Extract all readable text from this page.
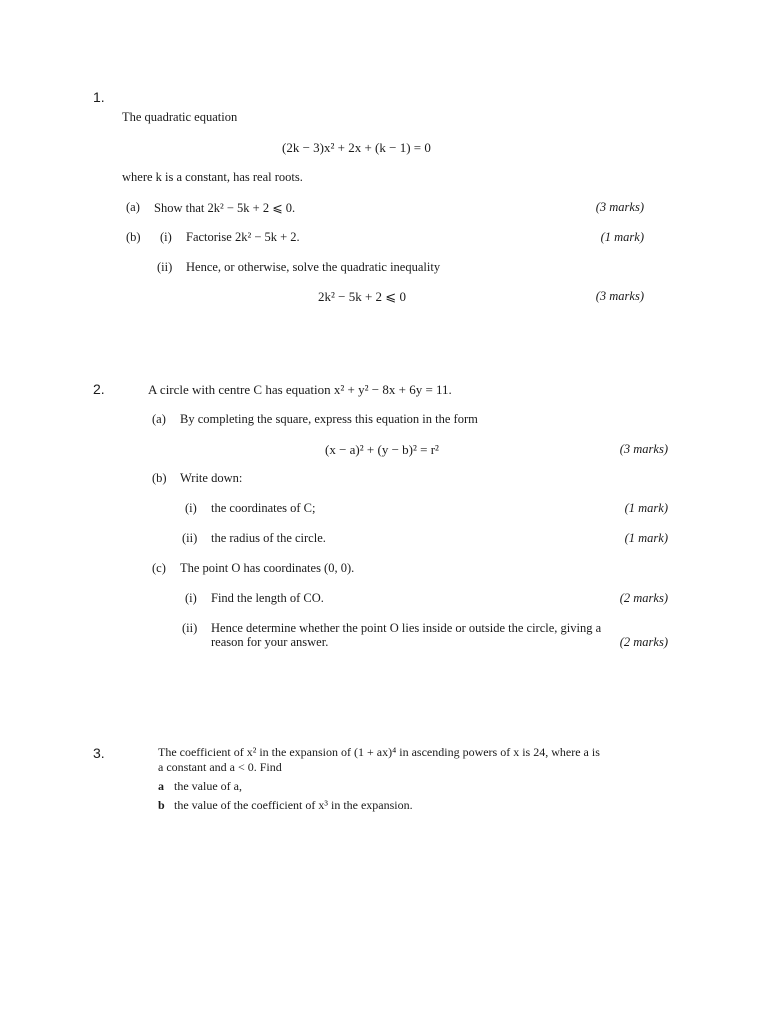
1.
The quadratic equation
(2k − 3)x² + 2x + (k − 1) = 0
where k is a constant, has real roots.
(a) Show that 2k² − 5k + 2 ⩽ 0.	(3 marks)
(b) (i) Factorise 2k² − 5k + 2.	(1 mark)
(ii) Hence, or otherwise, solve the quadratic inequality
2k² − 5k + 2 ⩽ 0	(3 marks)
2.	A circle with centre C has equation x² + y² − 8x + 6y = 11.
(a) By completing the square, express this equation in the form
(x − a)² + (y − b)² = r²	(3 marks)
(b) Write down:
(i) the coordinates of C;	(1 mark)
(ii) the radius of the circle.	(1 mark)
(c) The point O has coordinates (0, 0).
(i) Find the length of CO.	(2 marks)
(ii) Hence determine whether the point O lies inside or outside the circle, giving a
reason for your answer.	(2 marks)
3.	The coefficient of x² in the expansion of (1 + ax)⁴ in ascending powers of x is 24, where a is
a constant and a < 0. Find
a the value of a,
b the value of the coefficient of x³ in the expansion.
